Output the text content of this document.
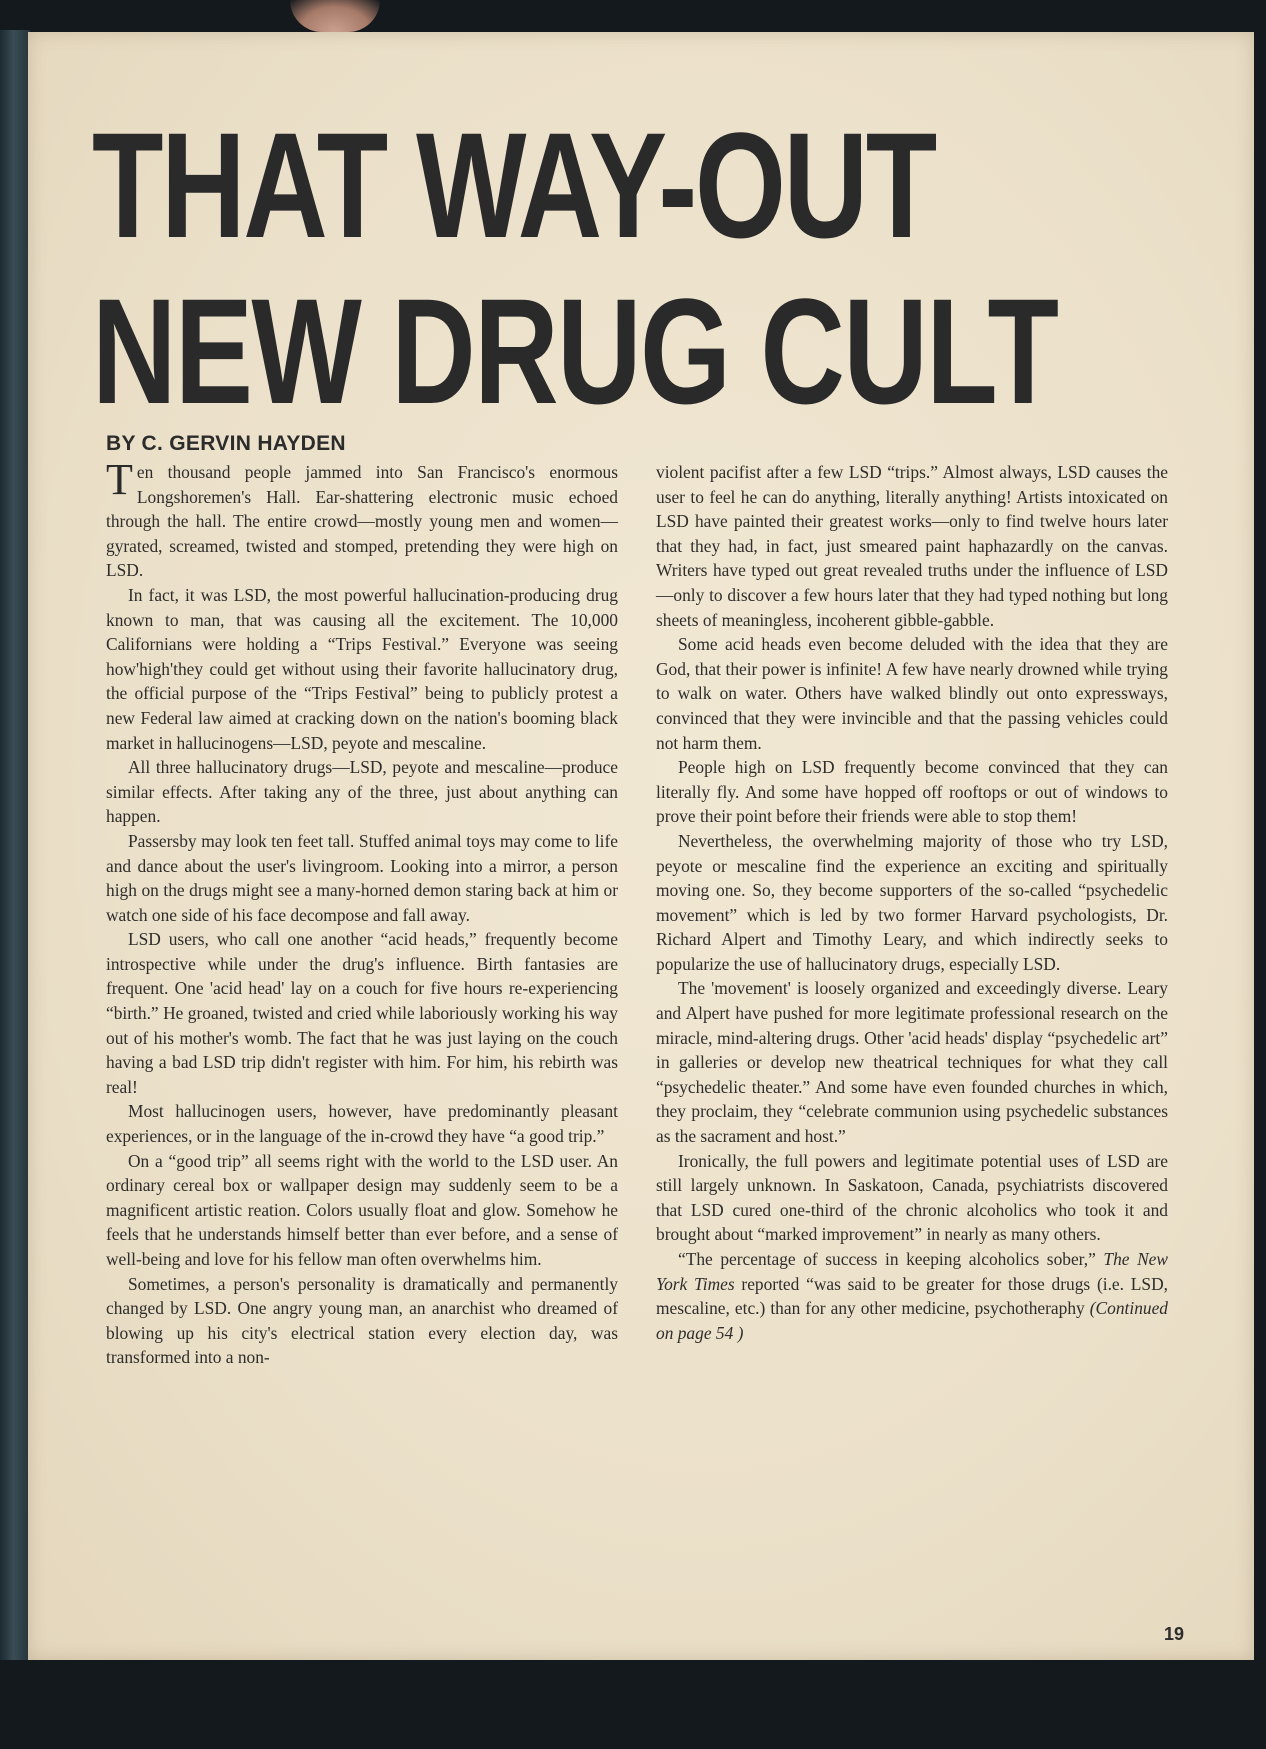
THAT WAY-OUT
NEW DRUG CULT
BY C. GERVIN HAYDEN

Ten thousand people jammed into San Francisco's enormous Longshoremen's Hall. Ear-shattering electronic music echoed through the hall. The entire crowd—mostly young men and women—gyrated, screamed, twisted and stomped, pretending they were high on LSD.

In fact, it was LSD, the most powerful hallucination-producing drug known to man, that was causing all the excitement. The 10,000 Californians were holding a “Trips Festival.” Everyone was seeing how'high'they could get without using their favorite hallucinatory drug, the official purpose of the “Trips Festival” being to publicly protest a new Federal law aimed at cracking down on the nation's booming black market in hallucinogens—LSD, peyote and mescaline.

All three hallucinatory drugs—LSD, peyote and mescaline—produce similar effects. After taking any of the three, just about anything can happen.

Passersby may look ten feet tall. Stuffed animal toys may come to life and dance about the user's livingroom. Looking into a mirror, a person high on the drugs might see a many-horned demon staring back at him or watch one side of his face decompose and fall away.

LSD users, who call one another “acid heads,” frequently become introspective while under the drug's influence. Birth fantasies are frequent. One 'acid head' lay on a couch for five hours re-experiencing “birth.” He groaned, twisted and cried while laboriously working his way out of his mother's womb. The fact that he was just laying on the couch having a bad LSD trip didn't register with him. For him, his rebirth was real!

Most hallucinogen users, however, have predominantly pleasant experiences, or in the language of the in-crowd they have “a good trip.”

On a “good trip” all seems right with the world to the LSD user. An ordinary cereal box or wallpaper design may suddenly seem to be a magnificent artistic reation. Colors usually float and glow. Somehow he feels that he understands himself better than ever before, and a sense of well-being and love for his fellow man often overwhelms him.

Sometimes, a person's personality is dramatically and permanently changed by LSD. One angry young man, an anarchist who dreamed of blowing up his city's electrical station every election day, was transformed into a non-

violent pacifist after a few LSD “trips.” Almost always, LSD causes the user to feel he can do anything, literally anything! Artists intoxicated on LSD have painted their greatest works—only to find twelve hours later that they had, in fact, just smeared paint haphazardly on the canvas. Writers have typed out great revealed truths under the influence of LSD—only to discover a few hours later that they had typed nothing but long sheets of meaningless, incoherent gibble-gabble.

Some acid heads even become deluded with the idea that they are God, that their power is infinite! A few have nearly drowned while trying to walk on water. Others have walked blindly out onto expressways, convinced that they were invincible and that the passing vehicles could not harm them.

People high on LSD frequently become convinced that they can literally fly. And some have hopped off rooftops or out of windows to prove their point before their friends were able to stop them!

Nevertheless, the overwhelming majority of those who try LSD, peyote or mescaline find the experience an exciting and spiritually moving one. So, they become supporters of the so-called “psychedelic movement” which is led by two former Harvard psychologists, Dr. Richard Alpert and Timothy Leary, and which indirectly seeks to popularize the use of hallucinatory drugs, especially LSD.

The 'movement' is loosely organized and exceedingly diverse. Leary and Alpert have pushed for more legitimate professional research on the miracle, mind-altering drugs. Other 'acid heads' display “psychedelic art” in galleries or develop new theatrical techniques for what they call “psychedelic theater.” And some have even founded churches in which, they proclaim, they “celebrate communion using psychedelic substances as the sacrament and host.”

Ironically, the full powers and legitimate potential uses of LSD are still largely unknown. In Saskatoon, Canada, psychiatrists discovered that LSD cured one-third of the chronic alcoholics who took it and brought about “marked improvement” in nearly as many others.

“The percentage of success in keeping alcoholics sober,” The New York Times reported “was said to be greater for those drugs (i.e. LSD, mescaline, etc.) than for any other medicine, psychotheraphy (Continued on page 54 )

19
